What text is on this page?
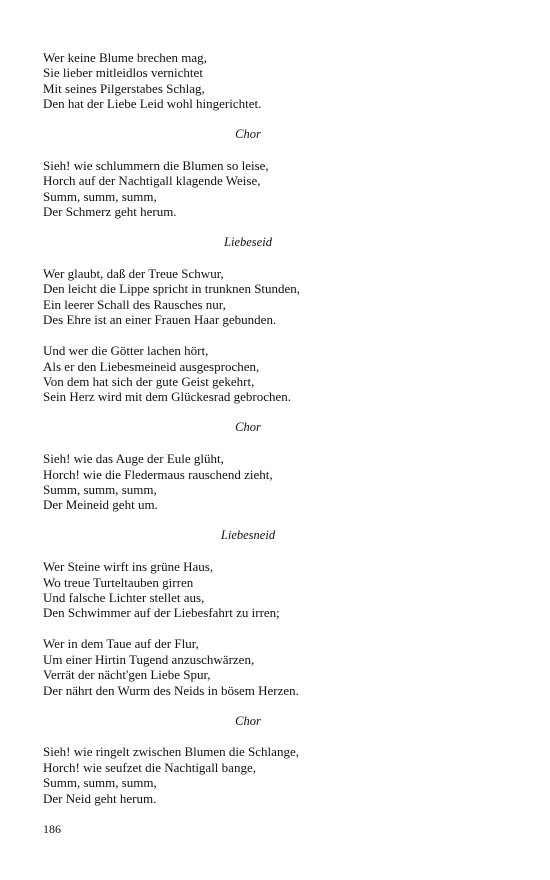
Wer keine Blume brechen mag,
Sie lieber mitleidlos vernichtet
Mit seines Pilgerstabes Schlag,
Den hat der Liebe Leid wohl hingerichtet.
Chor
Sieh! wie schlummern die Blumen so leise,
Horch auf der Nachtigall klagende Weise,
Summ, summ, summ,
Der Schmerz geht herum.
Liebeseid
Wer glaubt, daß der Treue Schwur,
Den leicht die Lippe spricht in trunknen Stunden,
Ein leerer Schall des Rausches nur,
Des Ehre ist an einer Frauen Haar gebunden.
Und wer die Götter lachen hört,
Als er den Liebesmeineid ausgesprochen,
Von dem hat sich der gute Geist gekehrt,
Sein Herz wird mit dem Glückesrad gebrochen.
Chor
Sieh! wie das Auge der Eule glüht,
Horch! wie die Fledermaus rauschend zieht,
Summ, summ, summ,
Der Meineid geht um.
Liebesneid
Wer Steine wirft ins grüne Haus,
Wo treue Turteltauben girren
Und falsche Lichter stellet aus,
Den Schwimmer auf der Liebesfahrt zu irren;
Wer in dem Taue auf der Flur,
Um einer Hirtin Tugend anzuschwärzen,
Verrät der nächt'gen Liebe Spur,
Der nährt den Wurm des Neids in bösem Herzen.
Chor
Sieh! wie ringelt zwischen Blumen die Schlange,
Horch! wie seufzet die Nachtigall bange,
Summ, summ, summ,
Der Neid geht herum.
186
